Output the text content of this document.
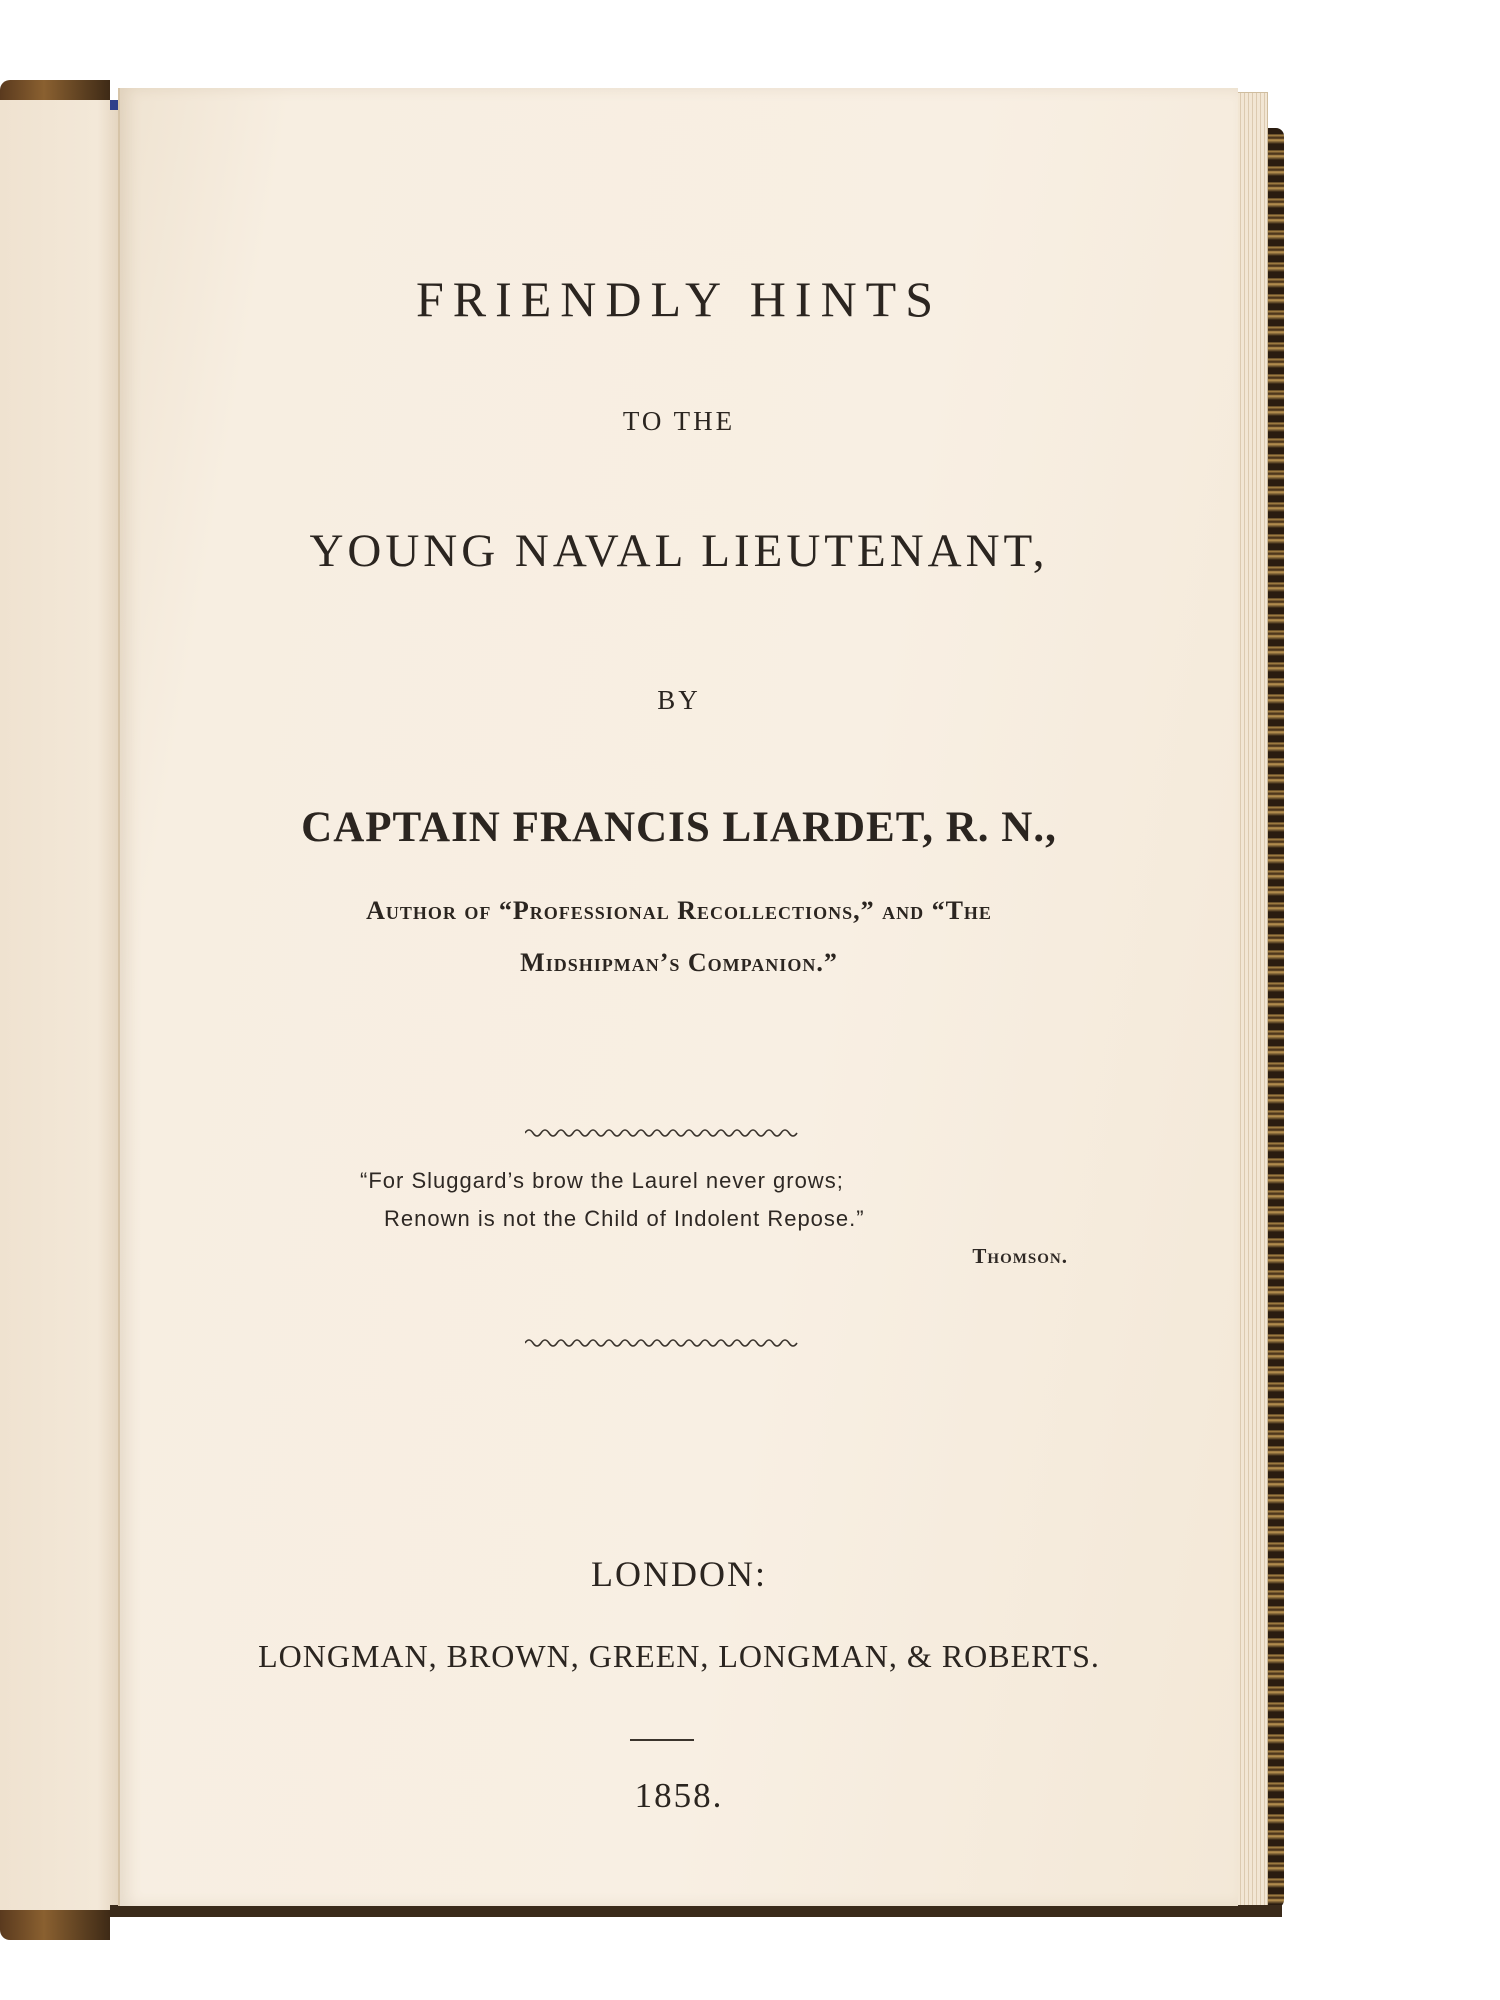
FRIENDLY HINTS

TO THE

YOUNG NAVAL LIEUTENANT,

BY

CAPTAIN FRANCIS LIARDET, R. N.,

Author of “Professional Recollections,” and “The

Midshipman’s Companion.”

“For Sluggard’s brow the Laurel never grows;
Renown is not the Child of Indolent Repose.”
Thomson.

LONDON:

LONGMAN, BROWN, GREEN, LONGMAN, & ROBERTS.

1858.
